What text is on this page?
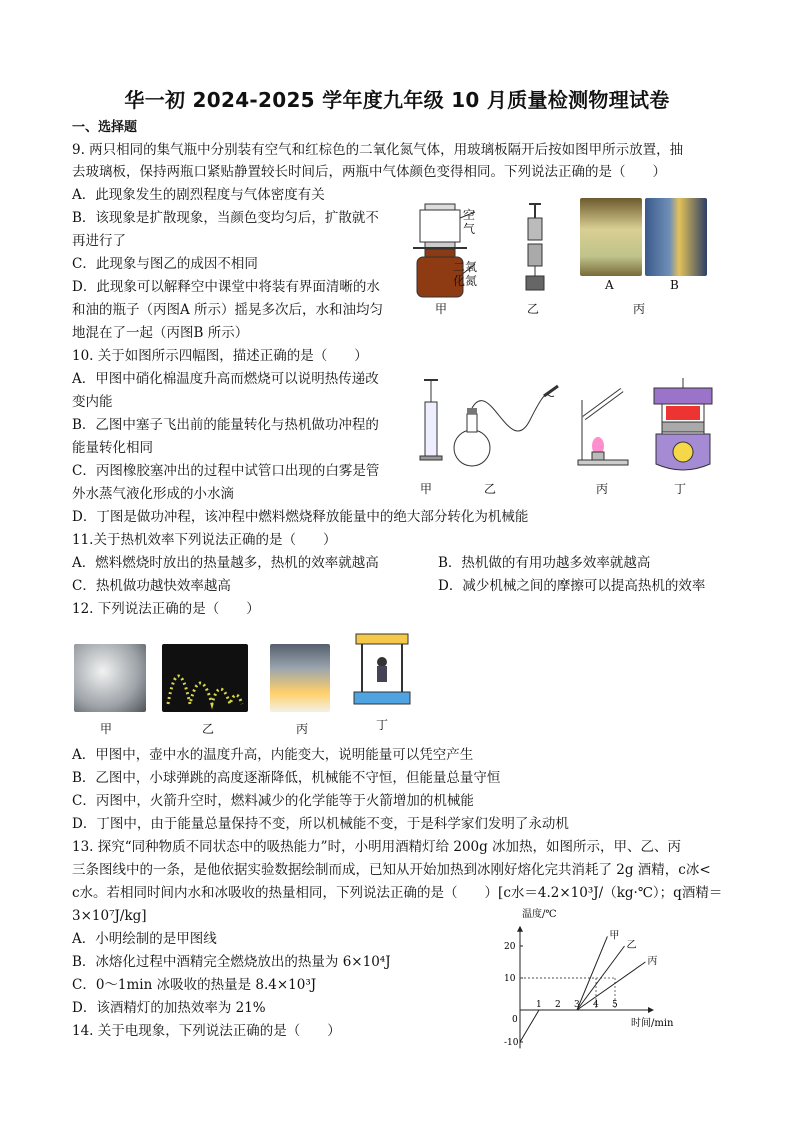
华一初 2024-2025 学年度九年级 10 月质量检测物理试卷
一、选择题
9. 两只相同的集气瓶中分别装有空气和红棕色的二氧化氮气体，用玻璃板隔开后按如图甲所示放置，抽
去玻璃板，保持两瓶口紧贴静置较长时间后，两瓶中气体颜色变得相同。下列说法正确的是（　　）
A．此现象发生的剧烈程度与气体密度有关
B．该现象是扩散现象，当颜色变均匀后，扩散就不
再进行了
C．此现象与图乙的成因不相同
D．此现象可以解释空中课堂中将装有界面清晰的水
和油的瓶子（丙图A 所示）摇晃多次后，水和油均匀
地混在了一起（丙图B 所示）
空
气
二氧
化氮
甲	乙
A	B
丙
10. 关于如图所示四幅图，描述正确的是（　　）
A．甲图中硝化棉温度升高而燃烧可以说明热传递改
变内能
B．乙图中塞子飞出前的能量转化与热机做功冲程的
能量转化相同
C．丙图橡胶塞冲出的过程中试管口出现的白雾是管
外水蒸气液化形成的小水滴
D．丁图是做功冲程，该冲程中燃料燃烧释放能量中的绝大部分转化为机械能
甲	乙	丙	丁
11.关于热机效率下列说法正确的是（　　）
A．燃料燃烧时放出的热量越多，热机的效率就越高	B．热机做的有用功越多效率就越高
C．热机做功越快效率越高	D．减少机械之间的摩擦可以提高热机的效率
12. 下列说法正确的是（　　）
甲	乙	丙	丁
A．甲图中，壶中水的温度升高，内能变大，说明能量可以凭空产生
B．乙图中，小球弹跳的高度逐渐降低，机械能不守恒，但能量总量守恒
C．丙图中，火箭升空时，燃料减少的化学能等于火箭增加的机械能
D．丁图中，由于能量总量保持不变，所以机械能不变，于是科学家们发明了永动机
13. 探究“同种物质不同状态中的吸热能力”时，小明用酒精灯给 200g 冰加热，如图所示，甲、乙、丙
三条图线中的一条，是他依据实验数据绘制而成，已知从开始加热到冰刚好熔化完共消耗了 2g 酒精，c冰<
c水。若相同时间内水和冰吸收的热量相同，下列说法正确的是（　　）[c水＝4.2×10³J/（kg·℃）；q酒精＝
3×10⁷J/kg]
A．小明绘制的是甲图线
B．冰熔化过程中酒精完全燃烧放出的热量为 6×10⁴J
C．0～1min 冰吸收的热量是 8.4×10³J
D．该酒精灯的加热效率为 21%
温度/℃
时间/min
0
1 2 3 4 5
20
10
-10
甲
乙
丙
14. 关于电现象，下列说法正确的是（　　）
